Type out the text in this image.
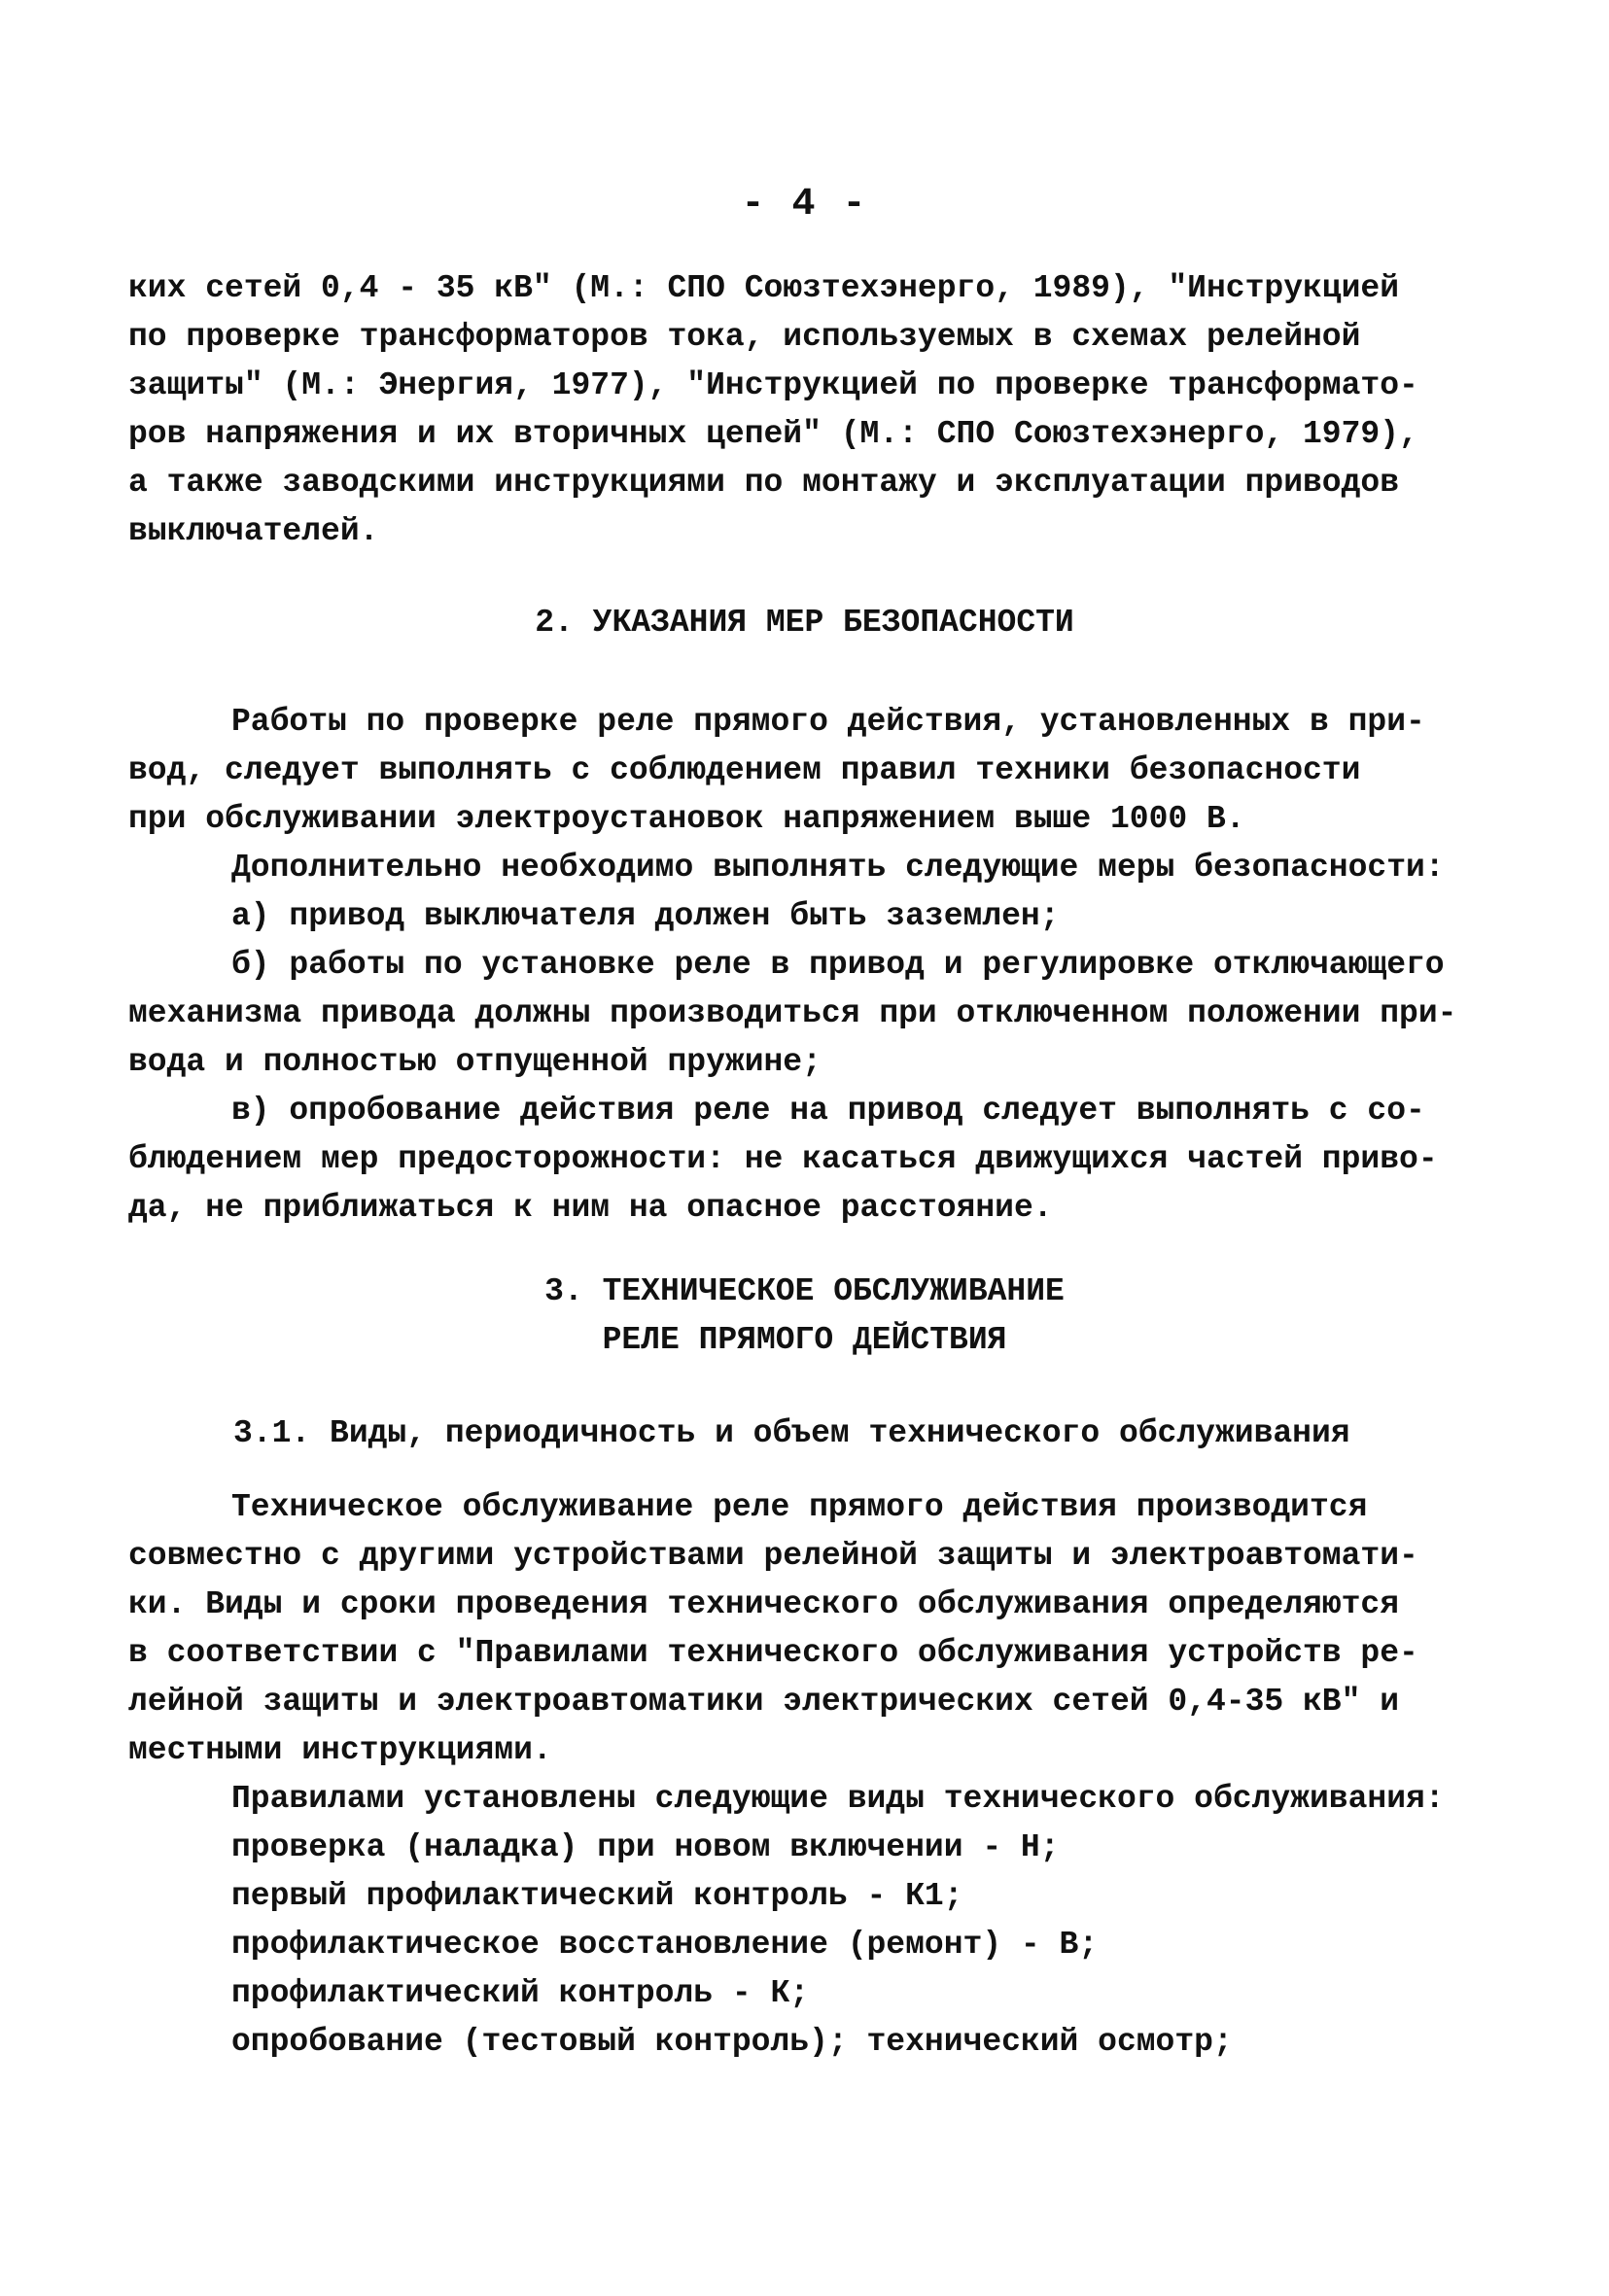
- 4 -
ких сетей 0,4 - 35 кВ" (М.: СПО Союзтехэнерго, 1989), "Инструкцией
по проверке трансформаторов тока, используемых в схемах релейной
защиты" (М.: Энергия, 1977), "Инструкцией по проверке трансформато-
ров напряжения и их вторичных цепей" (М.: СПО Союзтехэнерго, 1979),
а также заводскими инструкциями по монтажу и эксплуатации приводов
выключателей.
2. УКАЗАНИЯ МЕР БЕЗОПАСНОСТИ
Работы по проверке реле прямого действия, установленных в при-
вод, следует выполнять с соблюдением правил техники безопасности
при обслуживании электроустановок напряжением выше 1000 В.
Дополнительно необходимо выполнять следующие меры безопасности:
а) привод выключателя должен быть заземлен;
б) работы по установке реле в привод и регулировке отключающего
механизма привода должны производиться при отключенном положении при-
вода и полностью отпущенной пружине;
в) опробование действия реле на привод следует выполнять с со-
блюдением мер предосторожности: не касаться движущихся частей приво-
да, не приближаться к ним на опасное расстояние.
3. ТЕХНИЧЕСКОЕ ОБСЛУЖИВАНИЕ
РЕЛЕ ПРЯМОГО ДЕЙСТВИЯ
3.1. Виды, периодичность и объем технического обслуживания
Техническое обслуживание реле прямого действия производится
совместно с другими устройствами релейной защиты и электроавтомати-
ки. Виды и сроки проведения технического обслуживания определяются
в соответствии с "Правилами технического обслуживания устройств ре-
лейной защиты и электроавтоматики электрических сетей 0,4-35 кВ" и
местными инструкциями.
Правилами установлены следующие виды технического обслуживания:
проверка (наладка) при новом включении - Н;
первый профилактический контроль - К1;
профилактическое восстановление (ремонт) - В;
профилактический контроль - К;
опробование (тестовый контроль); технический осмотр;
